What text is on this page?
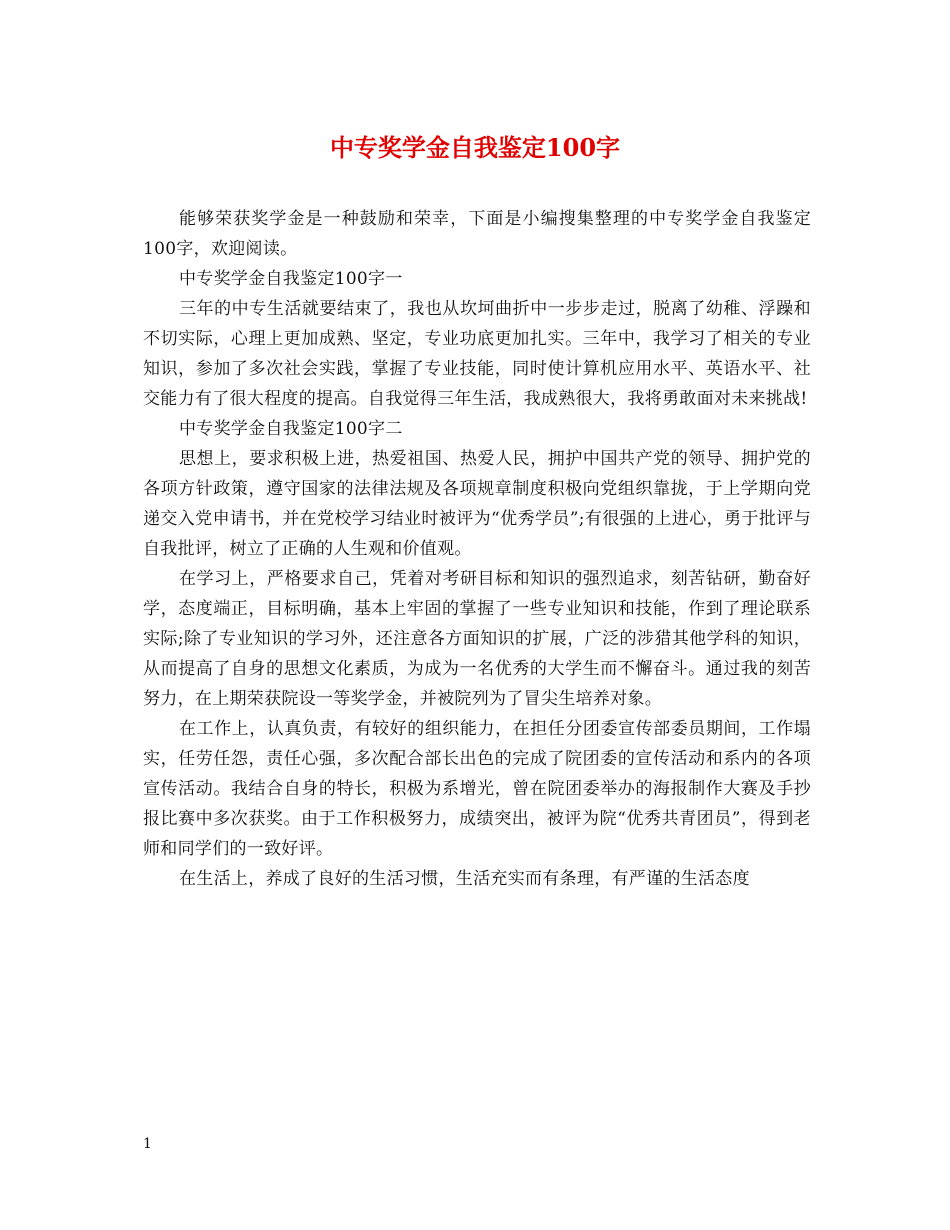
中专奖学金自我鉴定100字

能够荣获奖学金是一种鼓励和荣幸，下面是小编搜集整理的中专奖学金自我鉴定100字，欢迎阅读。

中专奖学金自我鉴定100字一

三年的中专生活就要结束了，我也从坎坷曲折中一步步走过，脱离了幼稚、浮躁和不切实际，心理上更加成熟、坚定，专业功底更加扎实。三年中，我学习了相关的专业知识，参加了多次社会实践，掌握了专业技能，同时使计算机应用水平、英语水平、社交能力有了很大程度的提高。自我觉得三年生活，我成熟很大，我将勇敢面对未来挑战!

中专奖学金自我鉴定100字二

思想上，要求积极上进，热爱祖国、热爱人民，拥护中国共产党的领导、拥护党的各项方针政策，遵守国家的法律法规及各项规章制度积极向党组织靠拢，于上学期向党递交入党申请书，并在党校学习结业时被评为“优秀学员”;有很强的上进心，勇于批评与自我批评，树立了正确的人生观和价值观。

在学习上，严格要求自己，凭着对考研目标和知识的强烈追求，刻苦钻研，勤奋好学，态度端正，目标明确，基本上牢固的掌握了一些专业知识和技能，作到了理论联系实际;除了专业知识的学习外，还注意各方面知识的扩展，广泛的涉猎其他学科的知识，从而提高了自身的思想文化素质，为成为一名优秀的大学生而不懈奋斗。通过我的刻苦努力，在上期荣获院设一等奖学金，并被院列为了冒尖生培养对象。

在工作上，认真负责，有较好的组织能力，在担任分团委宣传部委员期间，工作塌实，任劳任怨，责任心强，多次配合部长出色的完成了院团委的宣传活动和系内的各项宣传活动。我结合自身的特长，积极为系增光，曾在院团委举办的海报制作大赛及手抄报比赛中多次获奖。由于工作积极努力，成绩突出，被评为院“优秀共青团员”，得到老师和同学们的一致好评。

在生活上，养成了良好的生活习惯，生活充实而有条理，有严谨的生活态度

1
